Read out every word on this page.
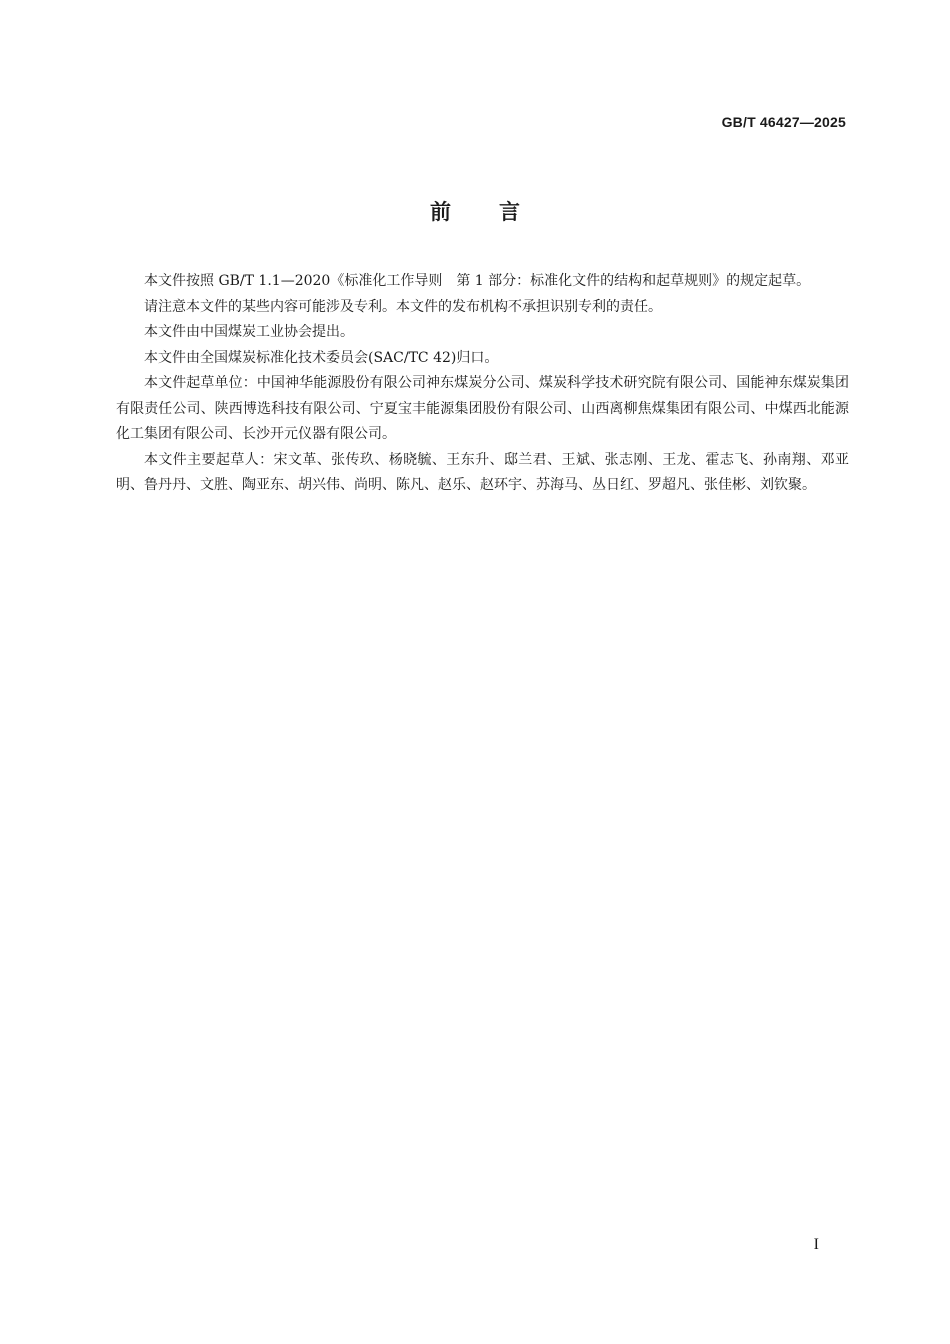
GB/T 46427—2025
前言

本文件按照 GB/T 1.1—2020《标准化工作导则　第 1 部分：标准化文件的结构和起草规则》的规定起草。

请注意本文件的某些内容可能涉及专利。本文件的发布机构不承担识别专利的责任。

本文件由中国煤炭工业协会提出。

本文件由全国煤炭标准化技术委员会(SAC/TC 42)归口。

本文件起草单位：中国神华能源股份有限公司神东煤炭分公司、煤炭科学技术研究院有限公司、国能神东煤炭集团有限责任公司、陕西博选科技有限公司、宁夏宝丰能源集团股份有限公司、山西离柳焦煤集团有限公司、中煤西北能源化工集团有限公司、长沙开元仪器有限公司。

本文件主要起草人：宋文革、张传玖、杨晓毓、王东升、邸兰君、王斌、张志刚、王龙、霍志飞、孙南翔、邓亚明、鲁丹丹、文胜、陶亚东、胡兴伟、尚明、陈凡、赵乐、赵环宇、苏海马、丛日红、罗超凡、张佳彬、刘钦聚。

I
